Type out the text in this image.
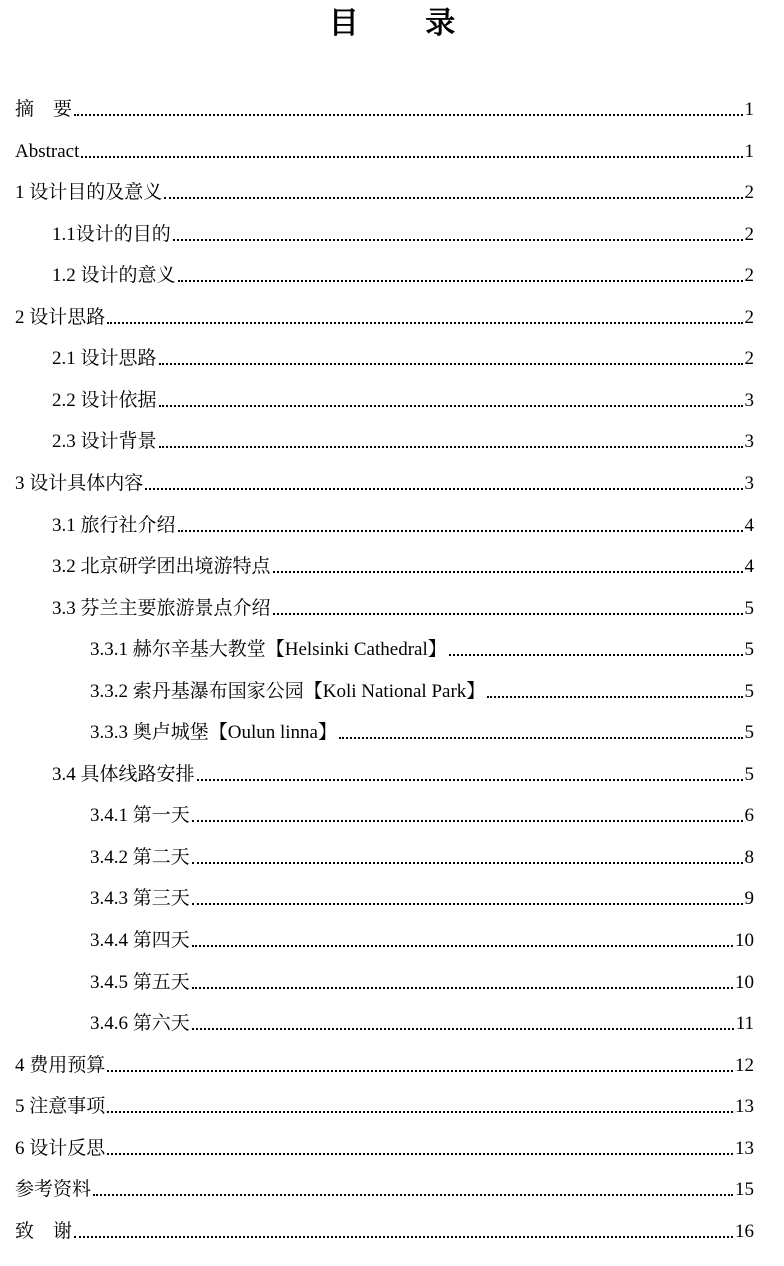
目 录
摘　要	1
Abstract	1
1 设计目的及意义	2
1.1设计的目的	2
1.2 设计的意义	2
2 设计思路	2
2.1 设计思路	2
2.2 设计依据	3
2.3 设计背景	3
3 设计具体内容	3
3.1 旅行社介绍	4
3.2 北京研学团出境游特点	4
3.3 芬兰主要旅游景点介绍	5
3.3.1 赫尔辛基大教堂【Helsinki Cathedral】	5
3.3.2 索丹基瀑布国家公园【Koli National Park】	5
3.3.3 奥卢城堡【Oulun linna】	5
3.4 具体线路安排	5
3.4.1 第一天	6
3.4.2 第二天	8
3.4.3 第三天	9
3.4.4 第四天	10
3.4.5 第五天	10
3.4.6 第六天	11
4 费用预算	12
5 注意事项	13
6 设计反思	13
参考资料	15
致　谢	16
